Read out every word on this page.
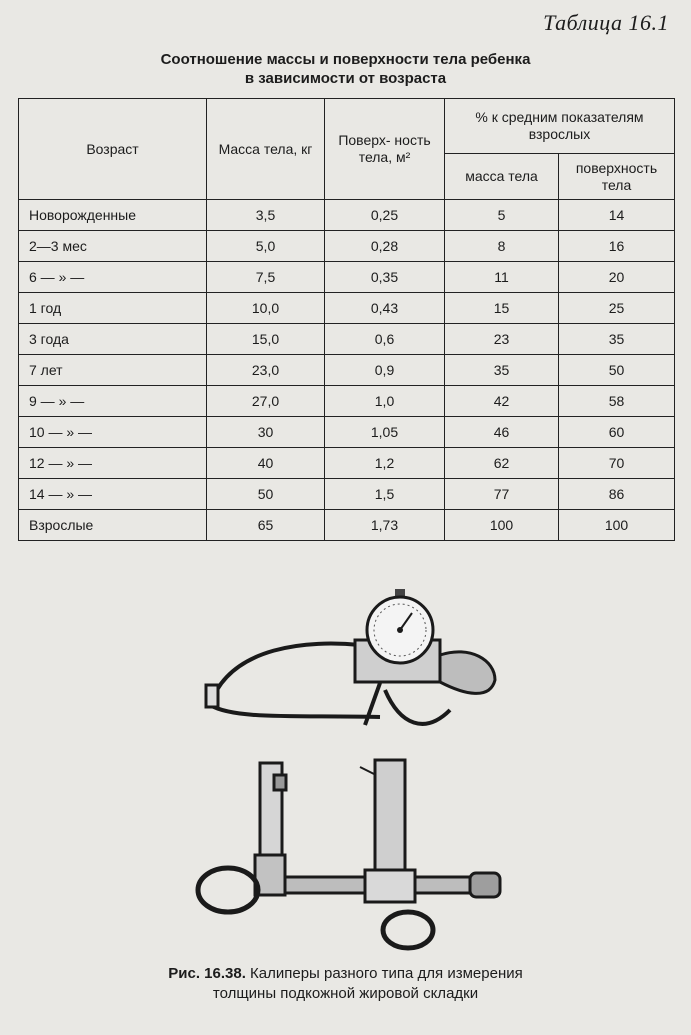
Таблица 16.1
Соотношение массы и поверхности тела ребенка
в зависимости от возраста
Возраст	Масса тела, кг	Поверх- ность тела, м²	% к средним показателям взрослых	
			масса тела	поверхность тела
Новорожденные	3,5	0,25	5	14
2—3 мес	5,0	0,28	8	16
6 — » —	7,5	0,35	11	20
1 год	10,0	0,43	15	25
3 года	15,0	0,6	23	35
7 лет	23,0	0,9	35	50
9 — » —	27,0	1,0	42	58
10 — » —	30	1,05	46	60
12 — » —	40	1,2	62	70
14 — » —	50	1,5	77	86
Взрослые	65	1,73	100	100
Рис. 16.38. Калиперы разного типа для измерения
толщины подкожной жировой складки
